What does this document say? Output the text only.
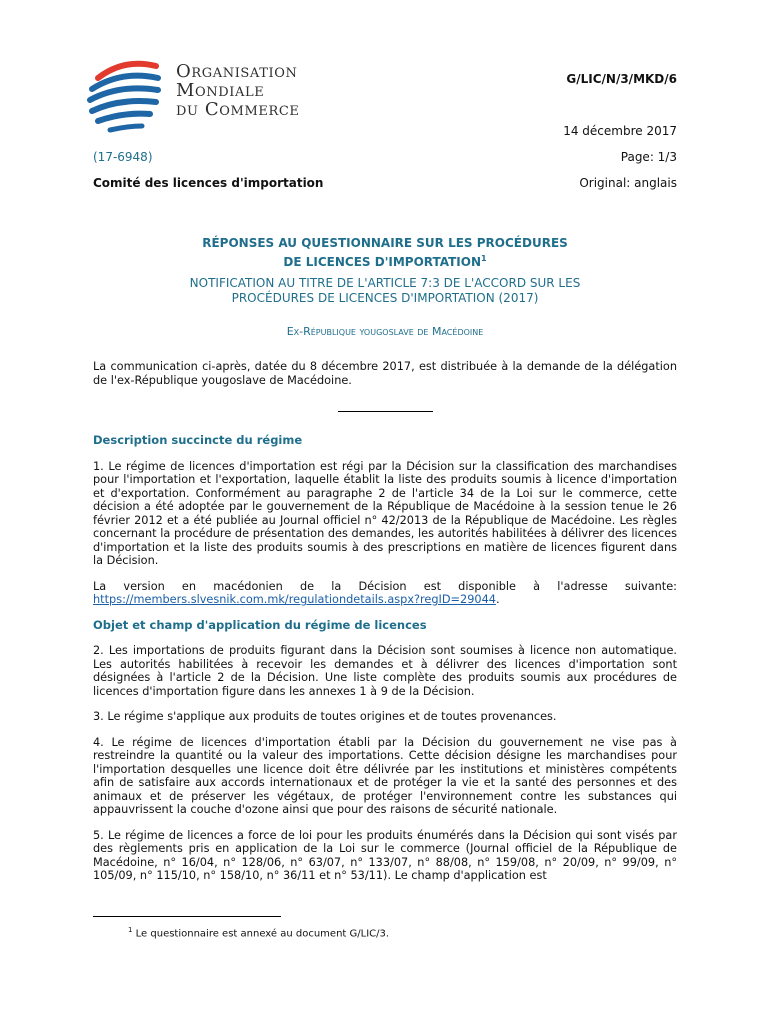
Organisation
Mondiale
du Commerce
G/LIC/N/3/MKD/6
14 décembre 2017
(17-6948)	Page: 1/3
Comité des licences d'importation	Original: anglais
RÉPONSES AU QUESTIONNAIRE SUR LES PROCÉDURES
DE LICENCES D'IMPORTATION$^1$
NOTIFICATION AU TITRE DE L'ARTICLE 7:3 DE L'ACCORD SUR LES
PROCÉDURES DE LICENCES D'IMPORTATION (2017)
Ex-République yougoslave de Macédoine

La communication ci-après, datée du 8 décembre 2017, est distribuée à la demande de la délégation de l'ex-République yougoslave de Macédoine.

Description succincte du régime

1. Le régime de licences d'importation est régi par la Décision sur la classification des marchandises pour l'importation et l'exportation, laquelle établit la liste des produits soumis à licence d'importation et d'exportation. Conformément au paragraphe 2 de l'article 34 de la Loi sur le commerce, cette décision a été adoptée par le gouvernement de la République de Macédoine à la session tenue le 26 février 2012 et a été publiée au Journal officiel n° 42/2013 de la République de Macédoine. Les règles concernant la procédure de présentation des demandes, les autorités habilitées à délivrer des licences d'importation et la liste des produits soumis à des prescriptions en matière de licences figurent dans la Décision.

La version en macédonien de la Décision est disponible à l'adresse suivante:
https://members.slvesnik.com.mk/regulationdetails.aspx?regID=29044.

Objet et champ d'application du régime de licences

2. Les importations de produits figurant dans la Décision sont soumises à licence non automatique. Les autorités habilitées à recevoir les demandes et à délivrer des licences d'importation sont désignées à l'article 2 de la Décision. Une liste complète des produits soumis aux procédures de licences d'importation figure dans les annexes 1 à 9 de la Décision.

3. Le régime s'applique aux produits de toutes origines et de toutes provenances.

4. Le régime de licences d'importation établi par la Décision du gouvernement ne vise pas à restreindre la quantité ou la valeur des importations. Cette décision désigne les marchandises pour l'importation desquelles une licence doit être délivrée par les institutions et ministères compétents afin de satisfaire aux accords internationaux et de protéger la vie et la santé des personnes et des animaux et de préserver les végétaux, de protéger l'environnement contre les substances qui appauvrissent la couche d'ozone ainsi que pour des raisons de sécurité nationale.

5. Le régime de licences a force de loi pour les produits énumérés dans la Décision qui sont visés par des règlements pris en application de la Loi sur le commerce (Journal officiel de la République de Macédoine, n° 16/04, n° 128/06, n° 63/07, n° 133/07, n° 88/08, n° 159/08, n° 20/09, n° 99/09, n° 105/09, n° 115/10, n° 158/10, n° 36/11 et n° 53/11). Le champ d'application est

$^1$ Le questionnaire est annexé au document G/LIC/3.
